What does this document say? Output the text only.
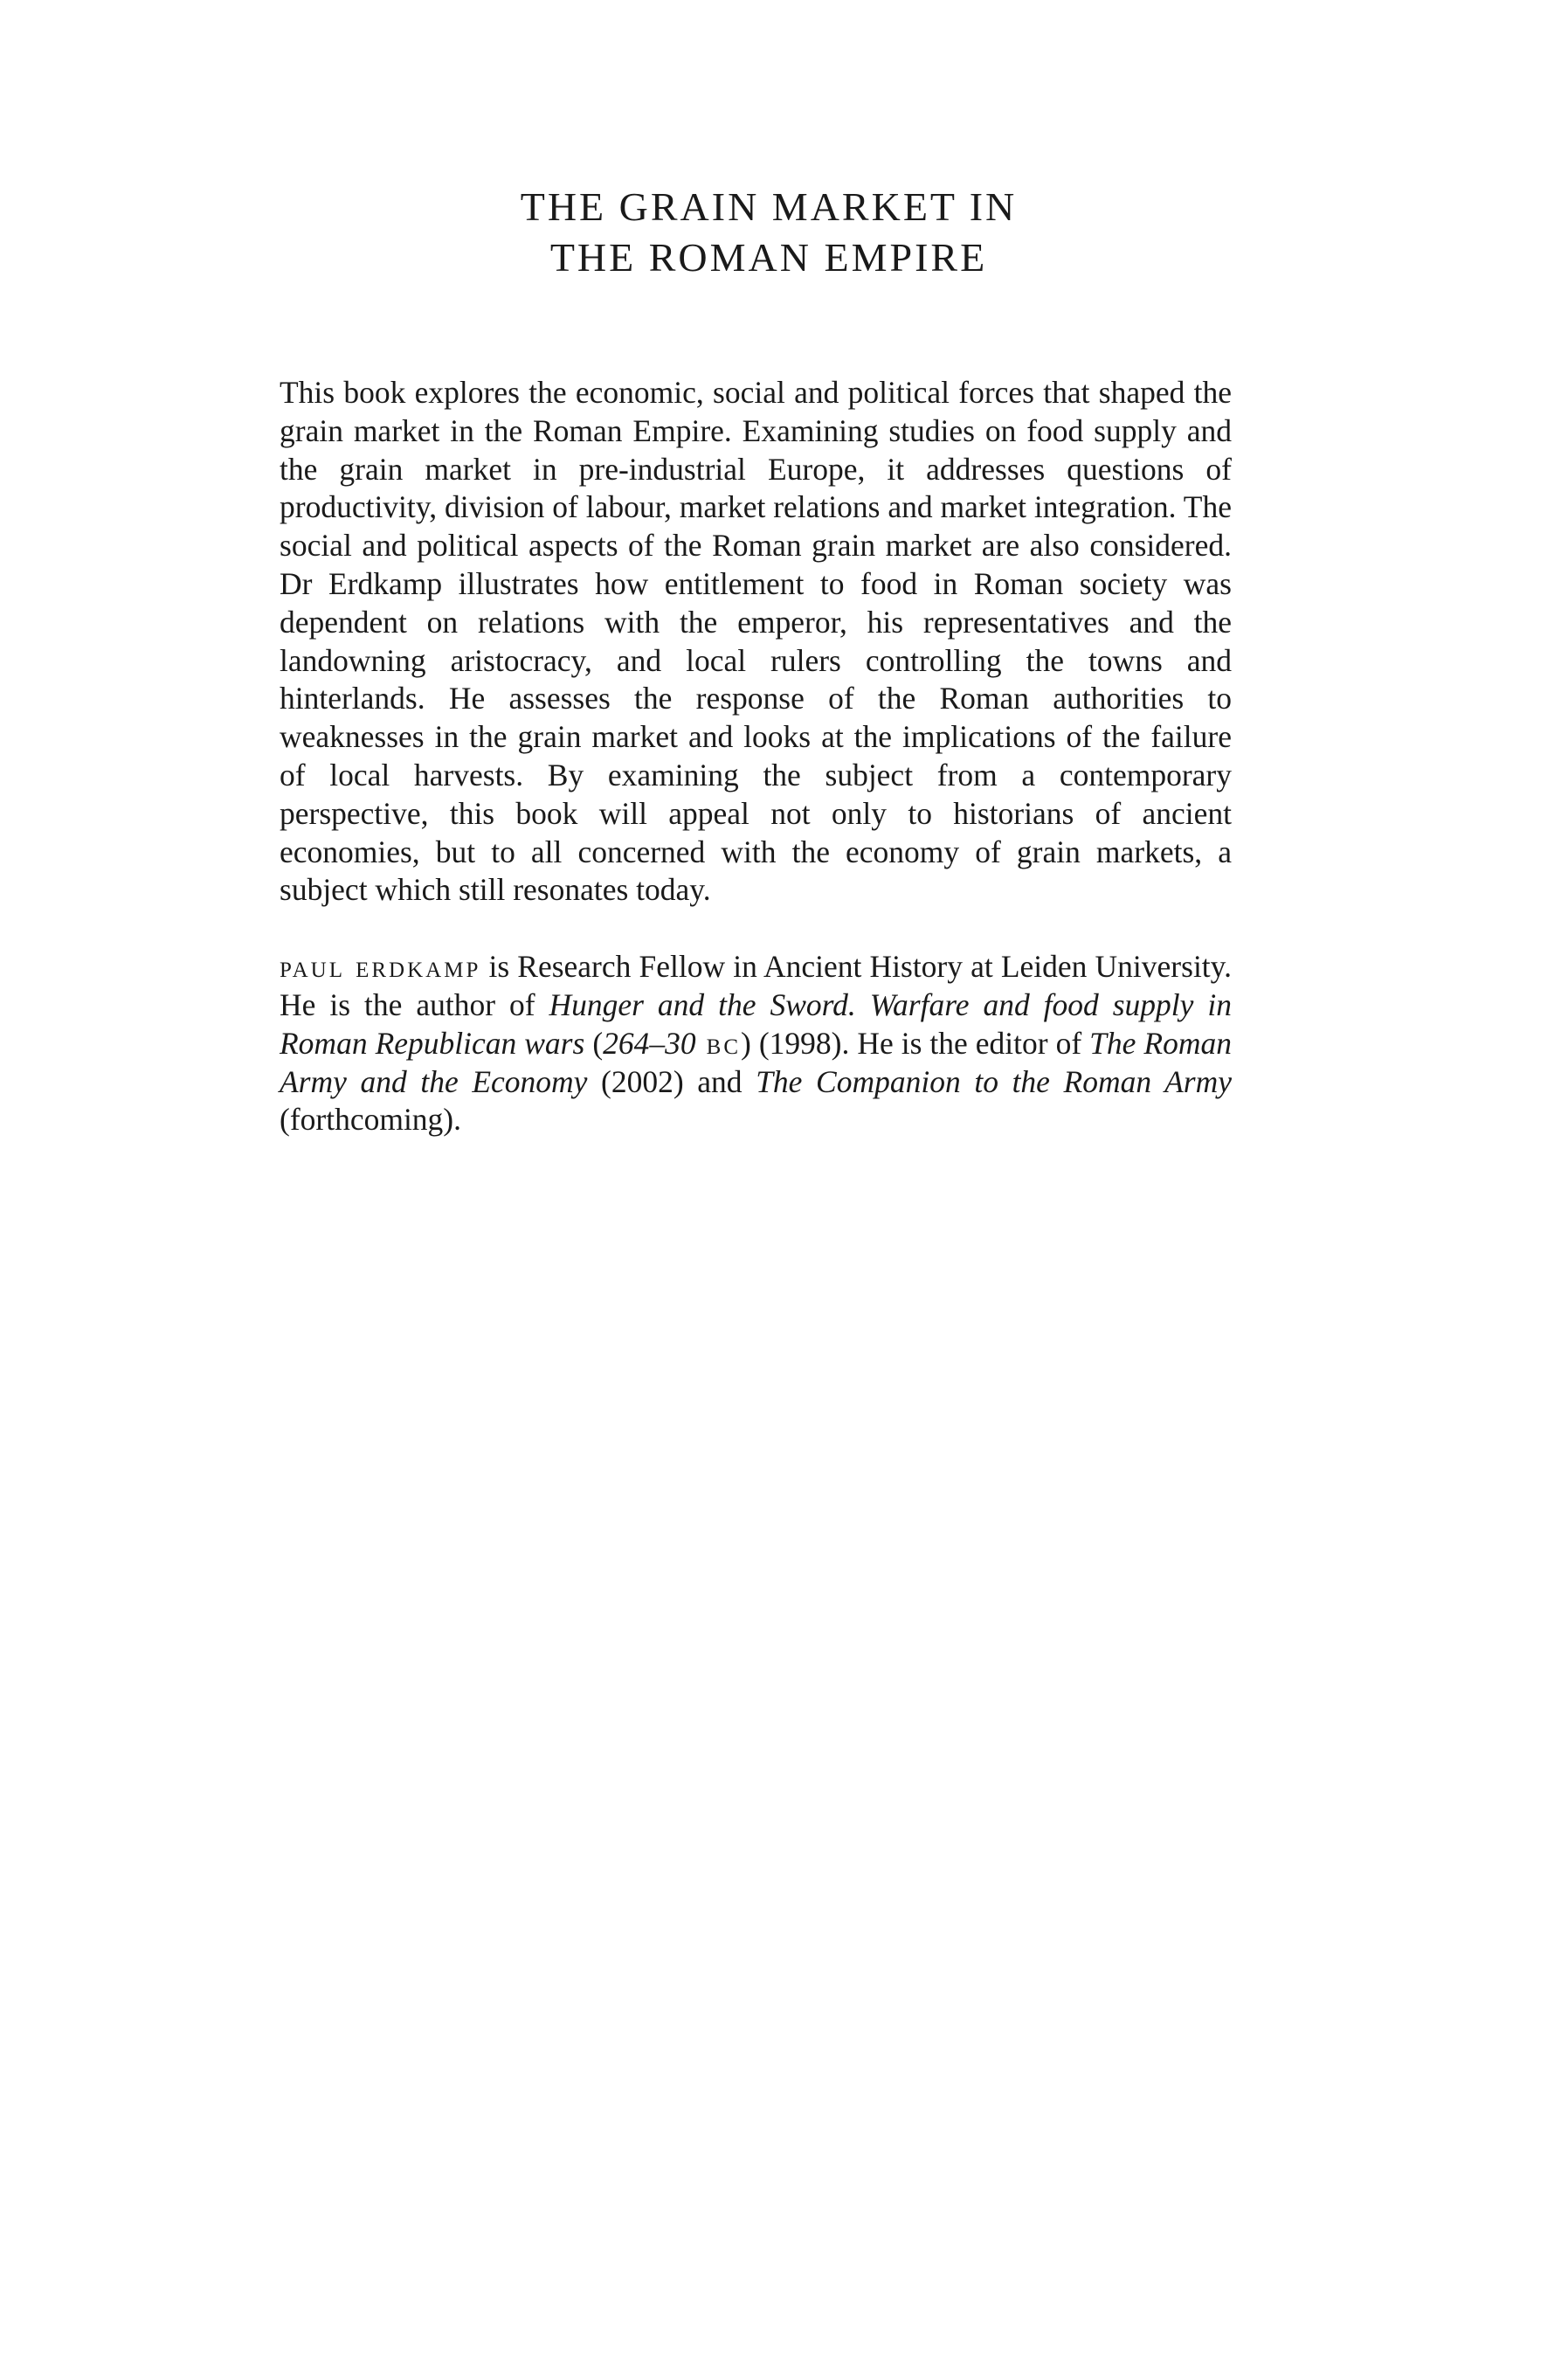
THE GRAIN MARKET IN
THE ROMAN EMPIRE

This book explores the economic, social and political forces that shaped the grain market in the Roman Empire. Examining studies on food supply and the grain market in pre-industrial Europe, it addresses questions of productivity, division of labour, market relations and market integration. The social and political aspects of the Roman grain market are also considered. Dr Erdkamp illustrates how entitlement to food in Roman society was dependent on relations with the emperor, his representatives and the landowning aristocracy, and local rulers controlling the towns and hinterlands. He assesses the response of the Roman authorities to weaknesses in the grain market and looks at the implications of the failure of local harvests. By examining the subject from a contemporary perspective, this book will appeal not only to historians of ancient economies, but to all concerned with the economy of grain markets, a subject which still resonates today.

paul erdkamp is Research Fellow in Ancient History at Leiden University. He is the author of Hunger and the Sword. Warfare and food supply in Roman Republican wars (264–30 bc) (1998). He is the editor of The Roman Army and the Economy (2002) and The Companion to the Roman Army (forthcoming).
